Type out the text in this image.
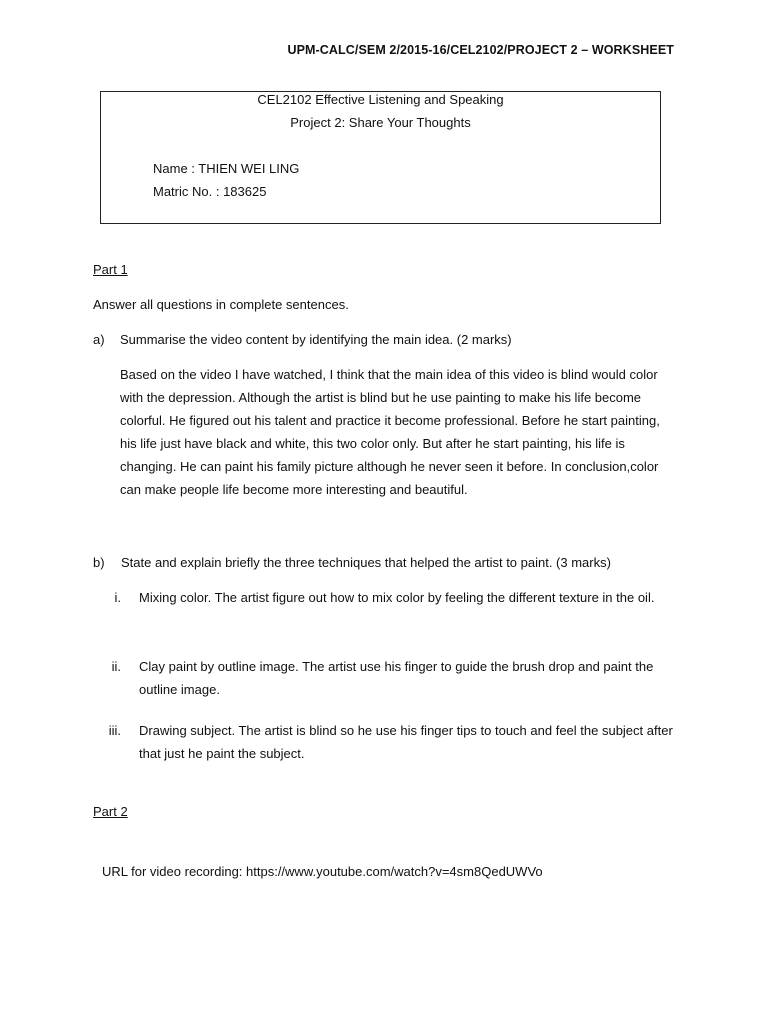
UPM-CALC/SEM 2/2015-16/CEL2102/PROJECT 2 – WORKSHEET
CEL2102 Effective Listening and Speaking
Project 2: Share Your Thoughts
Name : THIEN WEI LING
Matric No. : 183625
Part 1
Answer all questions in complete sentences.
a) Summarise the video content by identifying the main idea. (2 marks)
Based on the video I have watched, I think that the main idea of this video is blind would color with the depression. Although the artist is blind but he use painting to make his life become colorful. He figured out his talent and practice it become professional. Before he start painting, his life just have black and white, this two color only. But after he start painting, his life is changing. He can paint his family picture although he never seen it before. In conclusion,color can make people life become more interesting and beautiful.
b) State and explain briefly the three techniques that helped the artist to paint. (3 marks)
i. Mixing color. The artist figure out how to mix color by feeling the different texture in the oil.
ii. Clay paint by outline image. The artist use his finger to guide the brush drop and paint the outline image.
iii. Drawing subject. The artist is blind so he use his finger tips to touch and feel the subject after that just he paint the subject.
Part 2
URL for video recording: https://www.youtube.com/watch?v=4sm8QedUWVo
